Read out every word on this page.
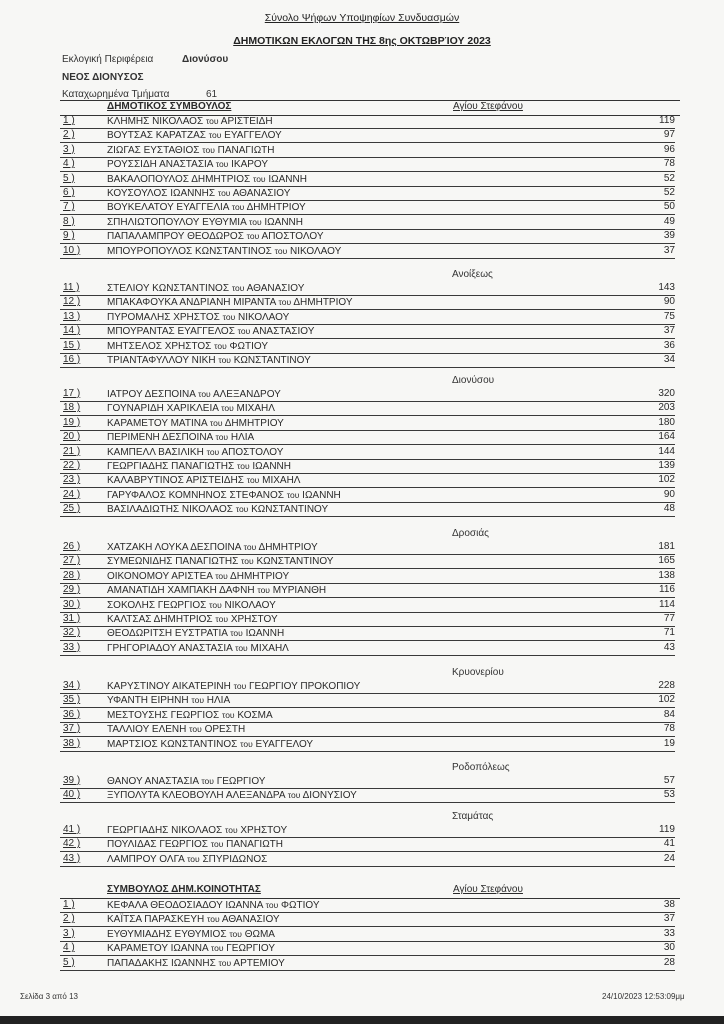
Σύνολο Ψήφων Υποψηφίων Συνδυασμών
ΔΗΜΟΤΙΚΩΝ ΕΚΛΟΓΩΝ ΤΗΣ 8ης ΟΚΤΩΒΡΊΟΥ 2023
Εκλογική Περιφέρεια	Διονύσου
ΝΕΟΣ ΔΙΟΝΥΣΟΣ
Καταχωρημένα Τμήματα	61
ΔΗΜΟΤΙΚΟΣ ΣΥΜΒΟΥΛΟΣ	Αγίου Στεφάνου
1 )	ΚΛΗΜΗΣ ΝΙΚΟΛΑΟΣ του ΑΡΙΣΤΕΙΔΗ	119
2 )	ΒΟΥΤΣΑΣ ΚΑΡΑΤΖΑΣ του ΕΥΑΓΓΕΛΟΥ	97
3 )	ΖΙΩΓΑΣ ΕΥΣΤΑΘΙΟΣ του ΠΑΝΑΓΙΩΤΗ	96
4 )	ΡΟΥΣΣΙΔΗ ΑΝΑΣΤΑΣΙΑ του ΙΚΑΡΟΥ	78
5 )	ΒΑΚΑΛΟΠΟΥΛΟΣ ΔΗΜΗΤΡΙΟΣ του ΙΩΑΝΝΗ	52
6 )	ΚΟΥΣΟΥΛΟΣ ΙΩΑΝΝΗΣ του ΑΘΑΝΑΣΙΟΥ	52
7 )	ΒΟΥΚΕΛΑΤΟΥ ΕΥΑΓΓΕΛΙΑ του ΔΗΜΗΤΡΙΟΥ	50
8 )	ΣΠΗΛΙΩΤΟΠΟΥΛΟΥ ΕΥΘΥΜΙΑ του ΙΩΑΝΝΗ	49
9 )	ΠΑΠΑΛΑΜΠΡΟΥ ΘΕΟΔΩΡΟΣ του ΑΠΟΣΤΟΛΟΥ	39
10 )	ΜΠΟΥΡΟΠΟΥΛΟΣ ΚΩΝΣΤΑΝΤΙΝΟΣ του ΝΙΚΟΛΑΟΥ	37
Ανοίξεως
11 )	ΣΤΕΛΙΟΥ ΚΩΝΣΤΑΝΤΙΝΟΣ του ΑΘΑΝΑΣΙΟΥ	143
12 )	ΜΠΑΚΑΦΟΥΚΑ ΑΝΔΡΙΑΝΗ ΜΙΡΑΝΤΑ του ΔΗΜΗΤΡΙΟΥ	90
13 )	ΠΥΡΟΜΑΛΗΣ ΧΡΗΣΤΟΣ του ΝΙΚΟΛΑΟΥ	75
14 )	ΜΠΟΥΡΑΝΤΑΣ ΕΥΑΓΓΕΛΟΣ του ΑΝΑΣΤΑΣΙΟΥ	37
15 )	ΜΗΤΣΕΛΟΣ ΧΡΗΣΤΟΣ του ΦΩΤΙΟΥ	36
16 )	ΤΡΙΑΝΤΑΦΥΛΛΟΥ ΝΙΚΗ του ΚΩΝΣΤΑΝΤΙΝΟΥ	34
Διονύσου
17 )	ΙΑΤΡΟΥ ΔΕΣΠΟΙΝΑ του ΑΛΕΞΑΝΔΡΟΥ	320
18 )	ΓΟΥΝΑΡΙΔΗ ΧΑΡΙΚΛΕΙΑ του ΜΙΧΑΗΛ	203
19 )	ΚΑΡΑΜΕΤΟΥ ΜΑΤΙΝΑ του ΔΗΜΗΤΡΙΟΥ	180
20 )	ΠΕΡΙΜΕΝΗ ΔΕΣΠΟΙΝΑ του ΗΛΙΑ	164
21 )	ΚΑΜΠΕΛΛ ΒΑΣΙΛΙΚΗ του ΑΠΟΣΤΟΛΟΥ	144
22 )	ΓΕΩΡΓΙΑΔΗΣ ΠΑΝΑΓΙΩΤΗΣ του ΙΩΑΝΝΗ	139
23 )	ΚΑΛΑΒΡΥΤΙΝΟΣ ΑΡΙΣΤΕΙΔΗΣ του ΜΙΧΑΗΛ	102
24 )	ΓΑΡΥΦΑΛΟΣ ΚΟΜΝΗΝΟΣ ΣΤΕΦΑΝΟΣ του ΙΩΑΝΝΗ	90
25 )	ΒΑΣΙΛΑΔΙΩΤΗΣ ΝΙΚΟΛΑΟΣ του ΚΩΝΣΤΑΝΤΙΝΟΥ	48
Δροσιάς
26 )	ΧΑΤΖΑΚΗ ΛΟΥΚΑ ΔΕΣΠΟΙΝΑ του ΔΗΜΗΤΡΙΟΥ	181
27 )	ΣΥΜΕΩΝΙΔΗΣ ΠΑΝΑΓΙΩΤΗΣ του ΚΩΝΣΤΑΝΤΙΝΟΥ	165
28 )	ΟΙΚΟΝΟΜΟΥ ΑΡΙΣΤΕΑ του ΔΗΜΗΤΡΙΟΥ	138
29 )	ΑΜΑΝΑΤΙΔΗ ΧΑΜΠΑΚΗ ΔΑΦΝΗ του ΜΥΡΙΑΝΘΗ	116
30 )	ΣΟΚΟΛΗΣ ΓΕΩΡΓΙΟΣ του ΝΙΚΟΛΑΟΥ	114
31 )	ΚΑΛΤΣΑΣ ΔΗΜΗΤΡΙΟΣ του ΧΡΗΣΤΟΥ	77
32 )	ΘΕΟΔΩΡΙΤΣΗ ΕΥΣΤΡΑΤΙΑ του ΙΩΑΝΝΗ	71
33 )	ΓΡΗΓΟΡΙΑΔΟΥ ΑΝΑΣΤΑΣΙΑ του ΜΙΧΑΗΛ	43
Κρυονερίου
34 )	ΚΑΡΥΣΤΙΝΟΥ ΑΙΚΑΤΕΡΙΝΗ του ΓΕΩΡΓΙΟΥ ΠΡΟΚΟΠΙΟΥ	228
35 )	ΥΦΑΝΤΗ ΕΙΡΗΝΗ του ΗΛΙΑ	102
36 )	ΜΕΣΤΟΥΣΗΣ ΓΕΩΡΓΙΟΣ του ΚΟΣΜΑ	84
37 )	ΤΑΛΛΙΟΥ ΕΛΕΝΗ του ΟΡΕΣΤΗ	78
38 )	ΜΑΡΤΣΙΟΣ ΚΩΝΣΤΑΝΤΙΝΟΣ του ΕΥΑΓΓΕΛΟΥ	19
Ροδοπόλεως
39 )	ΘΑΝΟΥ ΑΝΑΣΤΑΣΙΑ του ΓΕΩΡΓΙΟΥ	57
40 )	ΞΥΠΟΛΥΤΑ ΚΛΕΟΒΟΥΛΗ ΑΛΕΞΑΝΔΡΑ του ΔΙΟΝΥΣΙΟΥ	53
Σταμάτας
41 )	ΓΕΩΡΓΙΑΔΗΣ ΝΙΚΟΛΑΟΣ του ΧΡΗΣΤΟΥ	119
42 )	ΠΟΥΛΙΔΑΣ ΓΕΩΡΓΙΟΣ του ΠΑΝΑΓΙΩΤΗ	41
43 )	ΛΑΜΠΡΟΥ ΟΛΓΑ του ΣΠΥΡΙΔΩΝΟΣ	24
ΣΥΜΒΟΥΛΟΣ ΔΗΜ.ΚΟΙΝΟΤΗΤΑΣ	Αγίου Στεφάνου
1 )	ΚΕΦΑΛΑ ΘΕΟΔΟΣΙΑΔΟΥ ΙΩΑΝΝΑ του ΦΩΤΙΟΥ	38
2 )	ΚΑΪΤΣΑ ΠΑΡΑΣΚΕΥΗ του ΑΘΑΝΑΣΙΟΥ	37
3 )	ΕΥΘΥΜΙΑΔΗΣ ΕΥΘΥΜΙΟΣ του ΘΩΜΑ	33
4 )	ΚΑΡΑΜΕΤΟΥ ΙΩΑΝΝΑ του ΓΕΩΡΓΙΟΥ	30
5 )	ΠΑΠΑΔΑΚΗΣ ΙΩΑΝΝΗΣ του ΑΡΤΕΜΙΟΥ	28
Σελίδα 3 από 13	24/10/2023 12:53:09μμ
